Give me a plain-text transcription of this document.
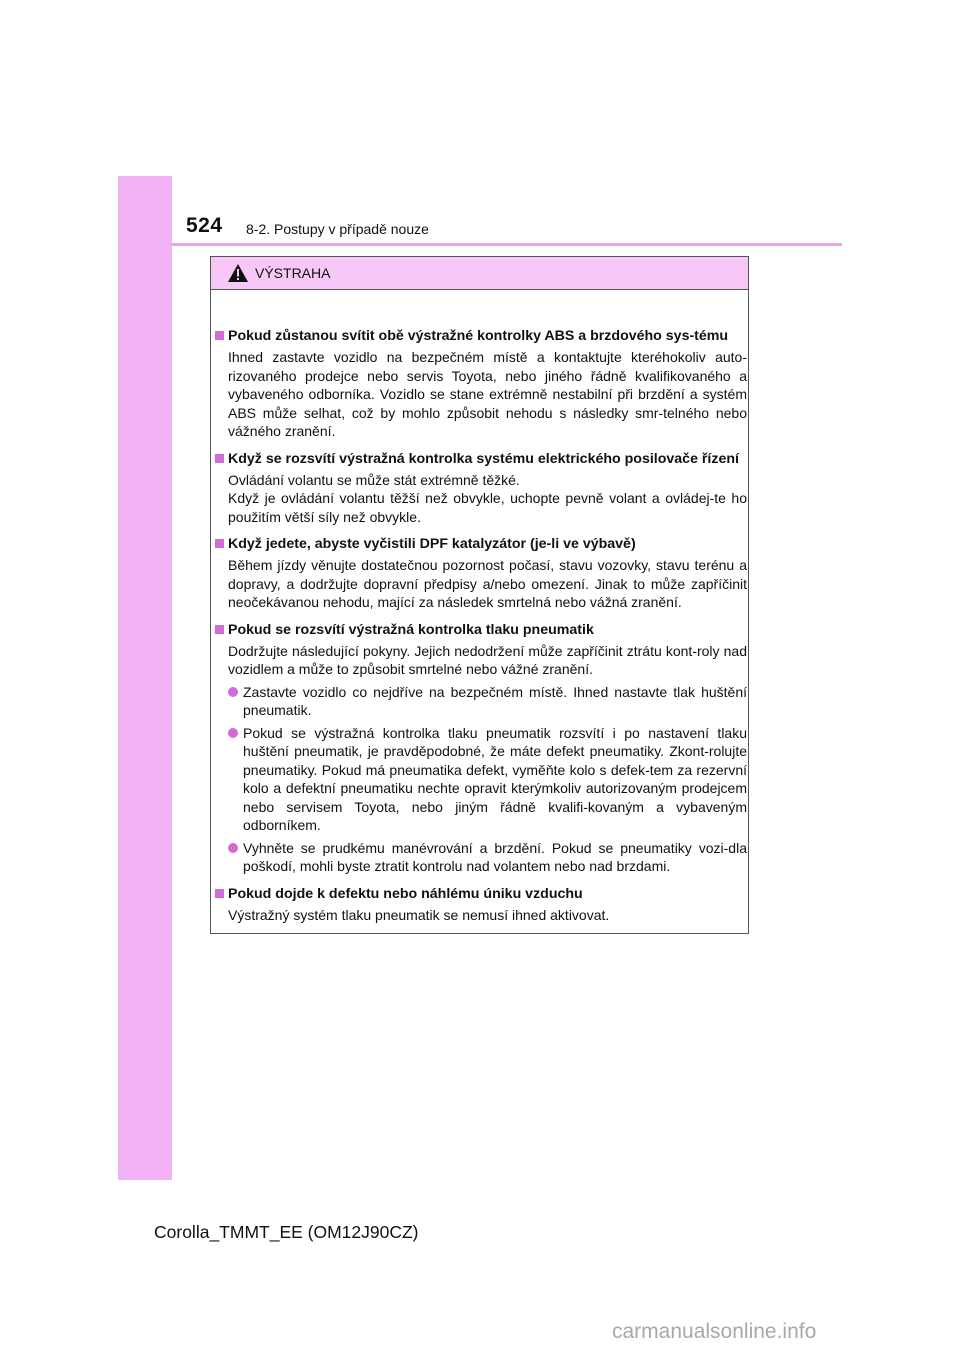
524 8-2. Postupy v případě nouze
VÝSTRAHA
Pokud zůstanou svítit obě výstražné kontrolky ABS a brzdového sys-tému

Ihned zastavte vozidlo na bezpečném místě a kontaktujte kteréhokoliv auto-rizovaného prodejce nebo servis Toyota, nebo jiného řádně kvalifikovaného a vybaveného odborníka. Vozidlo se stane extrémně nestabilní při brzdění a systém ABS může selhat, což by mohlo způsobit nehodu s následky smr-telného nebo vážného zranění.

Když se rozsvítí výstražná kontrolka systému elektrického posilovače řízení

Ovládání volantu se může stát extrémně těžké.

Když je ovládání volantu těžší než obvykle, uchopte pevně volant a ovládej-te ho použitím větší síly než obvykle.

Když jedete, abyste vyčistili DPF katalyzátor (je-li ve výbavě)

Během jízdy věnujte dostatečnou pozornost počasí, stavu vozovky, stavu terénu a dopravy, a dodržujte dopravní předpisy a/nebo omezení. Jinak to může zapříčinit neočekávanou nehodu, mající za následek smrtelná nebo vážná zranění.

Pokud se rozsvítí výstražná kontrolka tlaku pneumatik

Dodržujte následující pokyny. Jejich nedodržení může zapříčinit ztrátu kont-roly nad vozidlem a může to způsobit smrtelné nebo vážné zranění.

Zastavte vozidlo co nejdříve na bezpečném místě. Ihned nastavte tlak huštění pneumatik.
Pokud se výstražná kontrolka tlaku pneumatik rozsvítí i po nastavení tlaku huštění pneumatik, je pravděpodobné, že máte defekt pneumatiky. Zkont-rolujte pneumatiky. Pokud má pneumatika defekt, vyměňte kolo s defek-tem za rezervní kolo a defektní pneumatiku nechte opravit kterýmkoliv autorizovaným prodejcem nebo servisem Toyota, nebo jiným řádně kvalifi-kovaným a vybaveným odborníkem.
Vyhněte se prudkému manévrování a brzdění. Pokud se pneumatiky vozi-dla poškodí, mohli byste ztratit kontrolu nad volantem nebo nad brzdami.
Pokud dojde k defektu nebo náhlému úniku vzduchu

Výstražný systém tlaku pneumatik se nemusí ihned aktivovat.

Corolla_TMMT_EE (OM12J90CZ)
carmanualsonline.info
